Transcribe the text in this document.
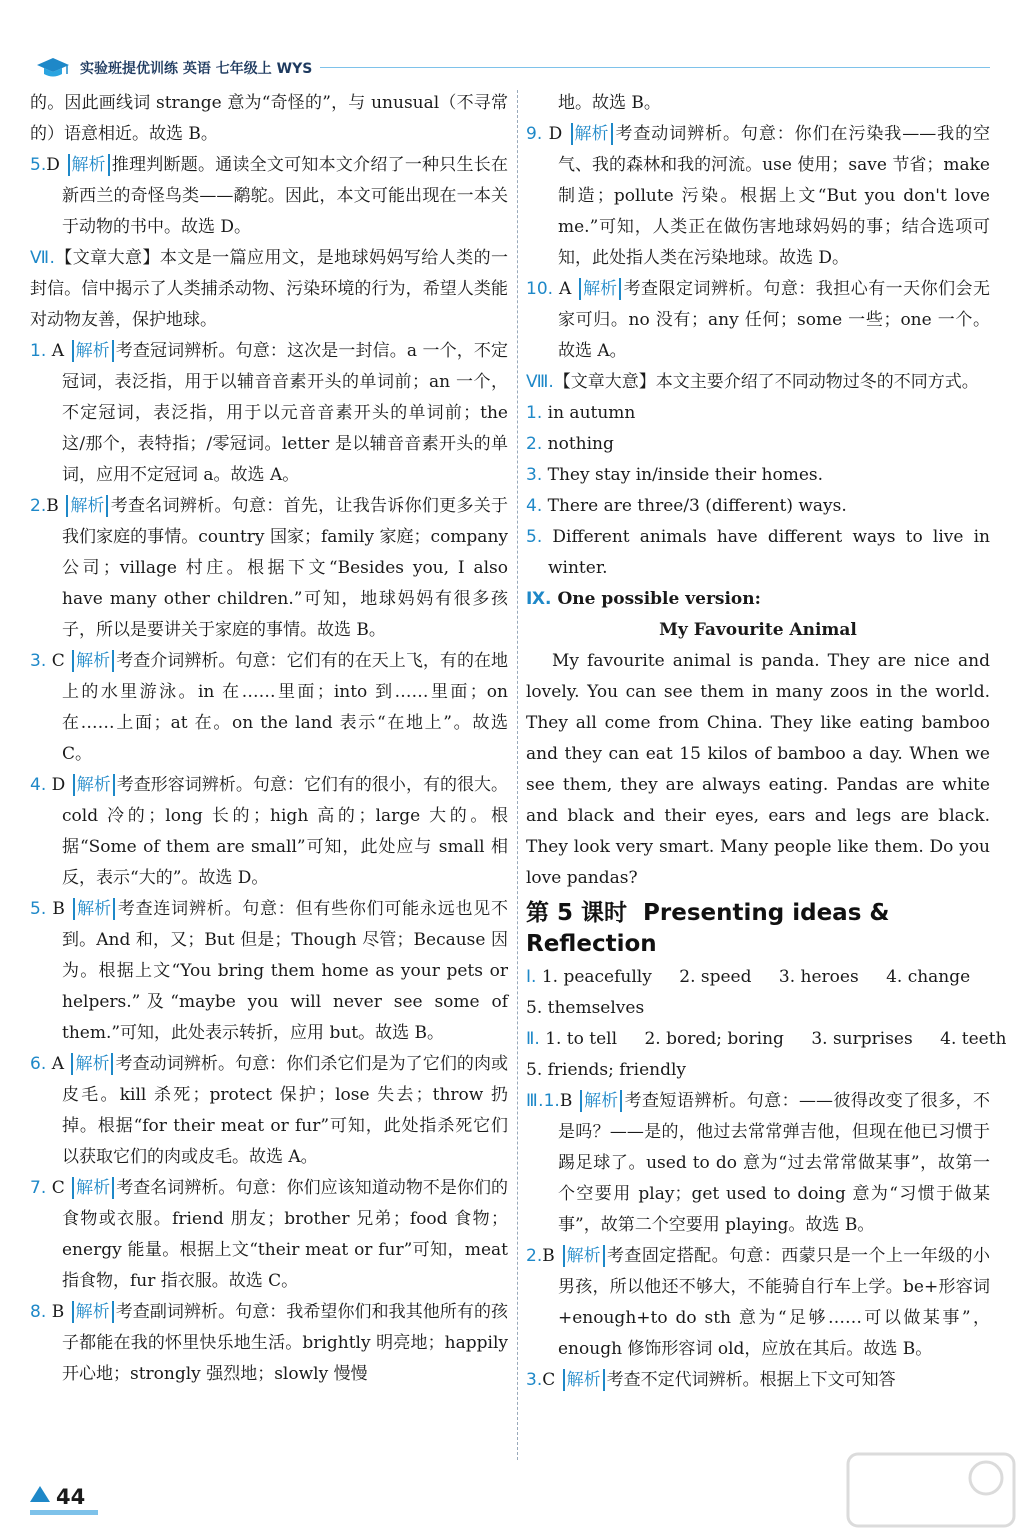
实验班提优训练 英语 七年级上 WYS

的。因此画线词 strange 意为“奇怪的”，与 unusual（不寻常的）语意相近。故选 B。

5.D 解析 推理判断题。通读全文可知本文介绍了一种只生长在新西兰的奇怪鸟类——鹬鸵。因此，本文可能出现在一本关于动物的书中。故选 D。

Ⅶ.【文章大意】本文是一篇应用文，是地球妈妈写给人类的一封信。信中揭示了人类捕杀动物、污染环境的行为，希望人类能对动物友善，保护地球。

1. A 解析 考查冠词辨析。句意：这次是一封信。a 一个，不定冠词，表泛指，用于以辅音音素开头的单词前；an 一个，不定冠词，表泛指，用于以元音音素开头的单词前；the 这/那个，表特指；/零冠词。letter 是以辅音音素开头的单词，应用不定冠词 a。故选 A。

2.B 解析 考查名词辨析。句意：首先，让我告诉你们更多关于我们家庭的事情。country 国家；family 家庭；company 公司；village 村庄。根据下文“Besides you, I also have many other children.”可知，地球妈妈有很多孩子，所以是要讲关于家庭的事情。故选 B。

3. C 解析 考查介词辨析。句意：它们有的在天上飞，有的在地上的水里游泳。in 在……里面；into 到……里面；on 在……上面；at 在。on the land 表示“在地上”。故选 C。

4. D 解析 考查形容词辨析。句意：它们有的很小，有的很大。cold 冷的；long 长的；high 高的；large 大的。根据“Some of them are small”可知，此处应与 small 相反，表示“大的”。故选 D。

5. B 解析 考查连词辨析。句意：但有些你们可能永远也见不到。And 和，又；But 但是；Though 尽管；Because 因为。根据上文“You bring them home as your pets or helpers.”及“maybe you will never see some of them.”可知，此处表示转折，应用 but。故选 B。

6. A 解析 考查动词辨析。句意：你们杀它们是为了它们的肉或皮毛。kill 杀死；protect 保护；lose 失去；throw 扔掉。根据“for their meat or fur”可知，此处指杀死它们以获取它们的肉或皮毛。故选 A。

7. C 解析 考查名词辨析。句意：你们应该知道动物不是你们的食物或衣服。friend 朋友；brother 兄弟；food 食物；energy 能量。根据上文“their meat or fur”可知，meat 指食物，fur 指衣服。故选 C。

8. B 解析 考查副词辨析。句意：我希望你们和我其他所有的孩子都能在我的怀里快乐地生活。brightly 明亮地；happily 开心地；strongly 强烈地；slowly 慢慢

地。故选 B。

9. D 解析 考查动词辨析。句意：你们在污染我——我的空气、我的森林和我的河流。use 使用；save 节省；make 制造；pollute 污染。根据上文“But you don't love me.”可知，人类正在做伤害地球妈妈的事；结合选项可知，此处指人类在污染地球。故选 D。

10. A 解析 考查限定词辨析。句意：我担心有一天你们会无家可归。no 没有；any 任何；some 一些；one 一个。故选 A。

Ⅷ.【文章大意】本文主要介绍了不同动物过冬的不同方式。

1. in autumn

2. nothing

3. They stay in/inside their homes.

4. There are three/3 (different) ways.

5. Different animals have different ways to live in winter.

Ⅸ. One possible version:

My Favourite Animal

My favourite animal is panda. They are nice and lovely. You can see them in many zoos in the world. They all come from China. They like eating bamboo and they can eat 15 kilos of bamboo a day. When we see them, they are always eating. Pandas are white and black and their eyes, ears and legs are black. They look very smart. Many people like them. Do you love pandas?

第 5 课时 Presenting ideas & Reflection

Ⅰ. 1. peacefully 2. speed 3. heroes 4. change

5. themselves

Ⅱ. 1. to tell 2. bored; boring 3. surprises 4. teeth

5. friends; friendly

Ⅲ.1.B 解析 考查短语辨析。句意：——彼得改变了很多，不是吗？——是的，他过去常常弹吉他，但现在他已习惯于踢足球了。used to do 意为“过去常常做某事”，故第一个空要用 play；get used to doing 意为“习惯于做某事”，故第二个空要用 playing。故选 B。

2.B 解析 考查固定搭配。句意：西蒙只是一个上一年级的小男孩，所以他还不够大，不能骑自行车上学。be+形容词+enough+to do sth 意为“足够……可以做某事”，enough 修饰形容词 old，应放在其后。故选 B。

3.C 解析 考查不定代词辨析。根据上下文可知答

44
